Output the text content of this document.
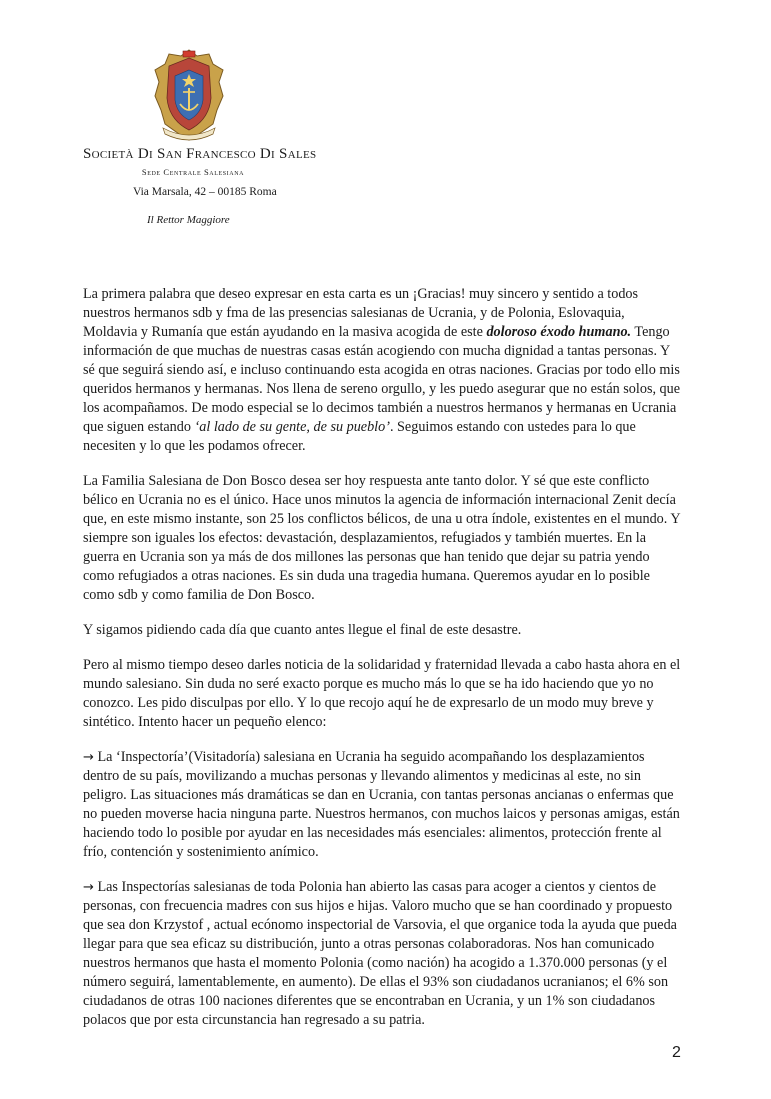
Società Di San Francesco Di Sales
Sede Centrale Salesiana
Via Marsala, 42 – 00185 Roma
Il Rettor Maggiore

La primera palabra que deseo expresar en esta carta es un ¡Gracias! muy sincero y sentido a todos nuestros hermanos sdb y fma de las presencias salesianas de Ucrania, y de Polonia, Eslovaquia, Moldavia y Rumanía que están ayudando en la masiva acogida de este doloroso éxodo humano. Tengo información de que muchas de nuestras casas están acogiendo con mucha dignidad a tantas personas. Y sé que seguirá siendo así, e incluso continuando esta acogida en otras naciones. Gracias por todo ello mis queridos hermanos y hermanas. Nos llena de sereno orgullo, y les puedo asegurar que no están solos, que los acompañamos. De modo especial se lo decimos también a nuestros hermanos y hermanas en Ucrania que siguen estando ‘al lado de su gente, de su pueblo’. Seguimos estando con ustedes para lo que necesiten y lo que les podamos ofrecer.

La Familia Salesiana de Don Bosco desea ser hoy respuesta ante tanto dolor. Y sé que este conflicto bélico en Ucrania no es el único. Hace unos minutos la agencia de información internacional Zenit decía que, en este mismo instante, son 25 los conflictos bélicos, de una u otra índole, existentes en el mundo. Y siempre son iguales los efectos: devastación, desplazamientos, refugiados y también muertes. En la guerra en Ucrania son ya más de dos millones las personas que han tenido que dejar su patria yendo como refugiados a otras naciones. Es sin duda una tragedia humana. Queremos ayudar en lo posible como sdb y como familia de Don Bosco.

Y sigamos pidiendo cada día que cuanto antes llegue el final de este desastre.

Pero al mismo tiempo deseo darles noticia de la solidaridad y fraternidad llevada a cabo hasta ahora en el mundo salesiano. Sin duda no seré exacto porque es mucho más lo que se ha ido haciendo que yo no conozco. Les pido disculpas por ello. Y lo que recojo aquí he de expresarlo de un modo muy breve y sintético. Intento hacer un pequeño elenco:

→ La ‘Inspectoría’(Visitadoría) salesiana en Ucrania ha seguido acompañando los desplazamientos dentro de su país, movilizando a muchas personas y llevando alimentos y medicinas al este, no sin peligro. Las situaciones más dramáticas se dan en Ucrania, con tantas personas ancianas o enfermas que no pueden moverse hacia ninguna parte. Nuestros hermanos, con muchos laicos y personas amigas, están haciendo todo lo posible por ayudar en las necesidades más esenciales: alimentos, protección frente al frío, contención y sostenimiento anímico.

→ Las Inspectorías salesianas de toda Polonia han abierto las casas para acoger a cientos y cientos de personas, con frecuencia madres con sus hijos e hijas. Valoro mucho que se han coordinado y propuesto que sea don Krzystof , actual ecónomo inspectorial de Varsovia, el que organice toda la ayuda que pueda llegar para que sea eficaz su distribución, junto a otras personas colaboradoras. Nos han comunicado nuestros hermanos que hasta el momento Polonia (como nación) ha acogido a 1.370.000 personas (y el número seguirá, lamentablemente, en aumento). De ellas el 93% son ciudadanos ucranianos; el 6% son ciudadanos de otras 100 naciones diferentes que se encontraban en Ucrania, y un 1% son ciudadanos polacos que por esta circunstancia han regresado a su patria.

2
